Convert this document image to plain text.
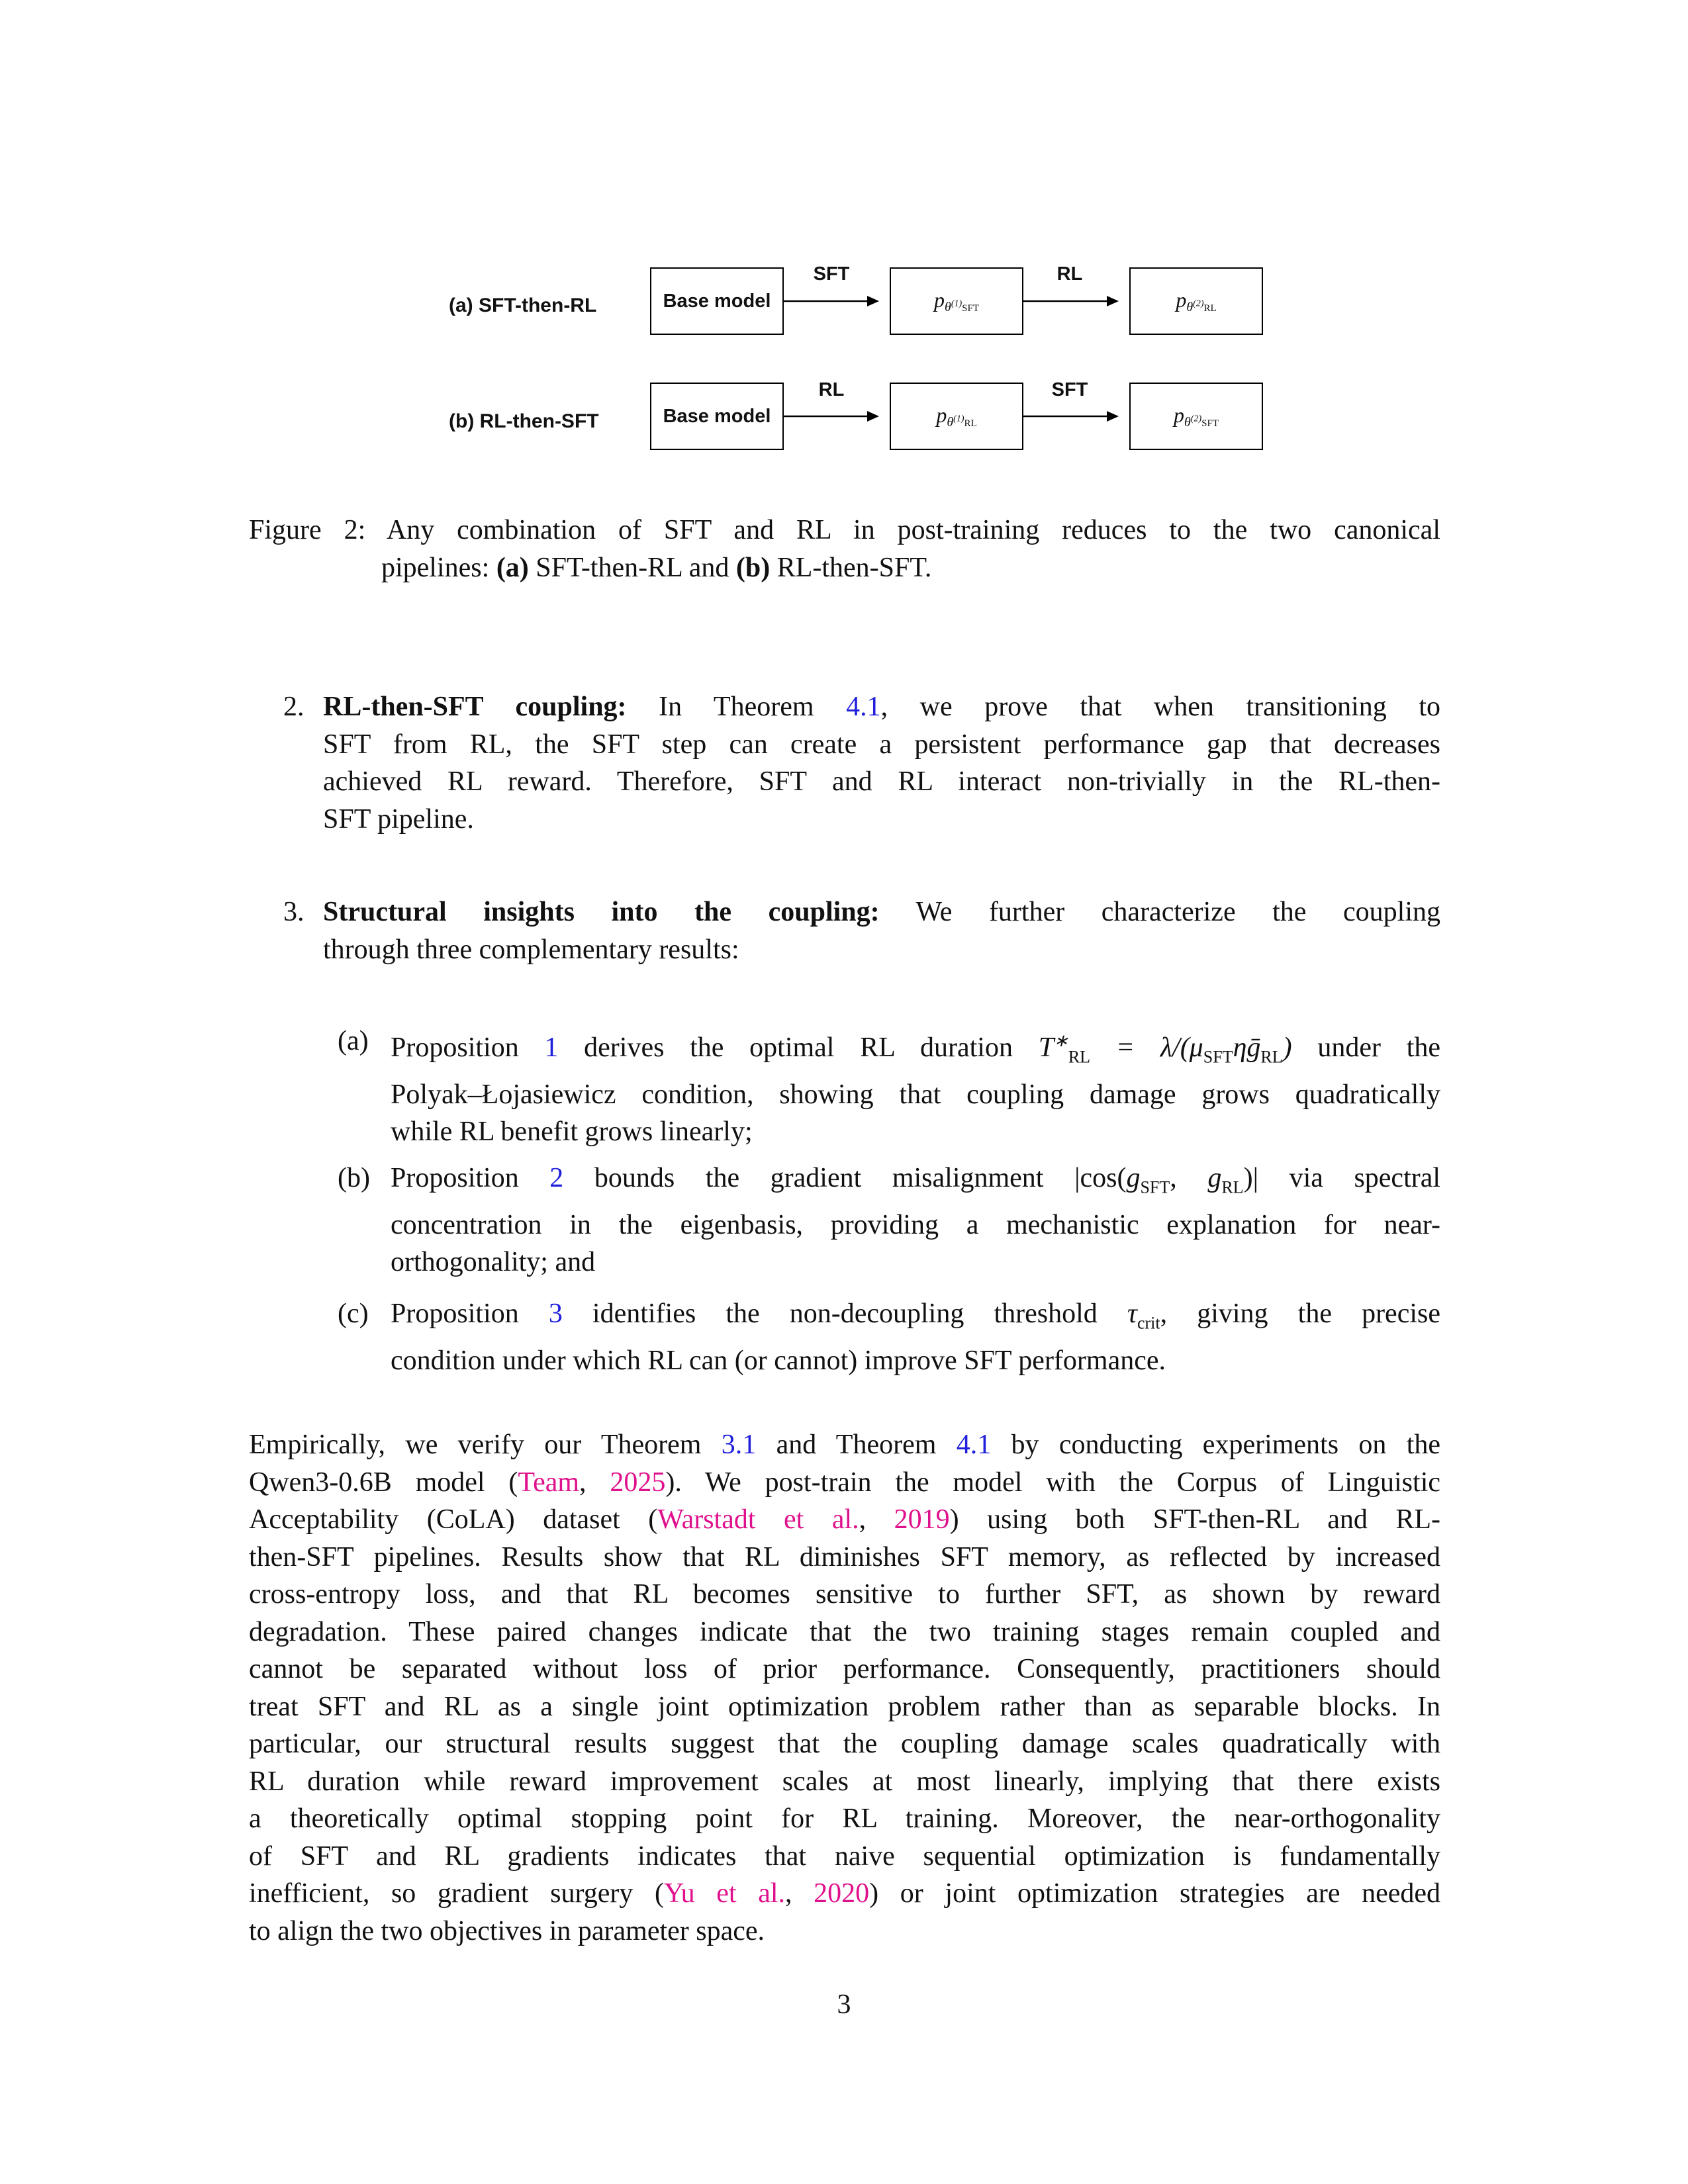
(a) SFT-then-RL	Base model
SFT
$p_{\theta^{(1)}SFT}$
RL
$p_{\theta^{(2)}RL}$
(b) RL-then-SFT	Base model
RL
$p_{\theta^{(1)}RL}$
SFT
$p_{\theta^{(2)}SFT}$
Figure 2: Any combination of SFT and RL in post-training reduces to the two canonical
pipelines: (a) SFT-then-RL and (b) RL-then-SFT.
2. RL-then-SFT coupling: In Theorem 4.1, we prove that when transitioning to
SFT from RL, the SFT step can create a persistent performance gap that decreases
achieved RL reward. Therefore, SFT and RL interact non-trivially in the RL-then-
SFT pipeline.
3. Structural insights into the coupling: We further characterize the coupling
through three complementary results:
(a) Proposition 1 derives the optimal RL duration $T^∗_{RL}$ = $\lambda/(\mu_{SFT}\eta ḡ_{RL})$ under the
Polyak–Łojasiewicz condition, showing that coupling damage grows quadratically
while RL benefit grows linearly;
(b) Proposition 2 bounds the gradient misalignment $|\cos(g_{SFT}$, $g_{RL})|$ via spectral
concentration in the eigenbasis, providing a mechanistic explanation for near-
orthogonality; and
(c) Proposition 3 identifies the non-decoupling threshold $\tau_{crit}$, giving the precise
condition under which RL can (or cannot) improve SFT performance.
Empirically, we verify our Theorem 3.1 and Theorem 4.1 by conducting experiments on the
Qwen3-0.6B model (Team, 2025). We post-train the model with the Corpus of Linguistic
Acceptability (CoLA) dataset (Warstadt et al., 2019) using both SFT-then-RL and RL-
then-SFT pipelines. Results show that RL diminishes SFT memory, as reflected by increased
cross-entropy loss, and that RL becomes sensitive to further SFT, as shown by reward
degradation. These paired changes indicate that the two training stages remain coupled and
cannot be separated without loss of prior performance. Consequently, practitioners should
treat SFT and RL as a single joint optimization problem rather than as separable blocks. In
particular, our structural results suggest that the coupling damage scales quadratically with
RL duration while reward improvement scales at most linearly, implying that there exists
a theoretically optimal stopping point for RL training. Moreover, the near-orthogonality
of SFT and RL gradients indicates that naive sequential optimization is fundamentally
inefficient, so gradient surgery (Yu et al., 2020) or joint optimization strategies are needed
to align the two objectives in parameter space.
3
